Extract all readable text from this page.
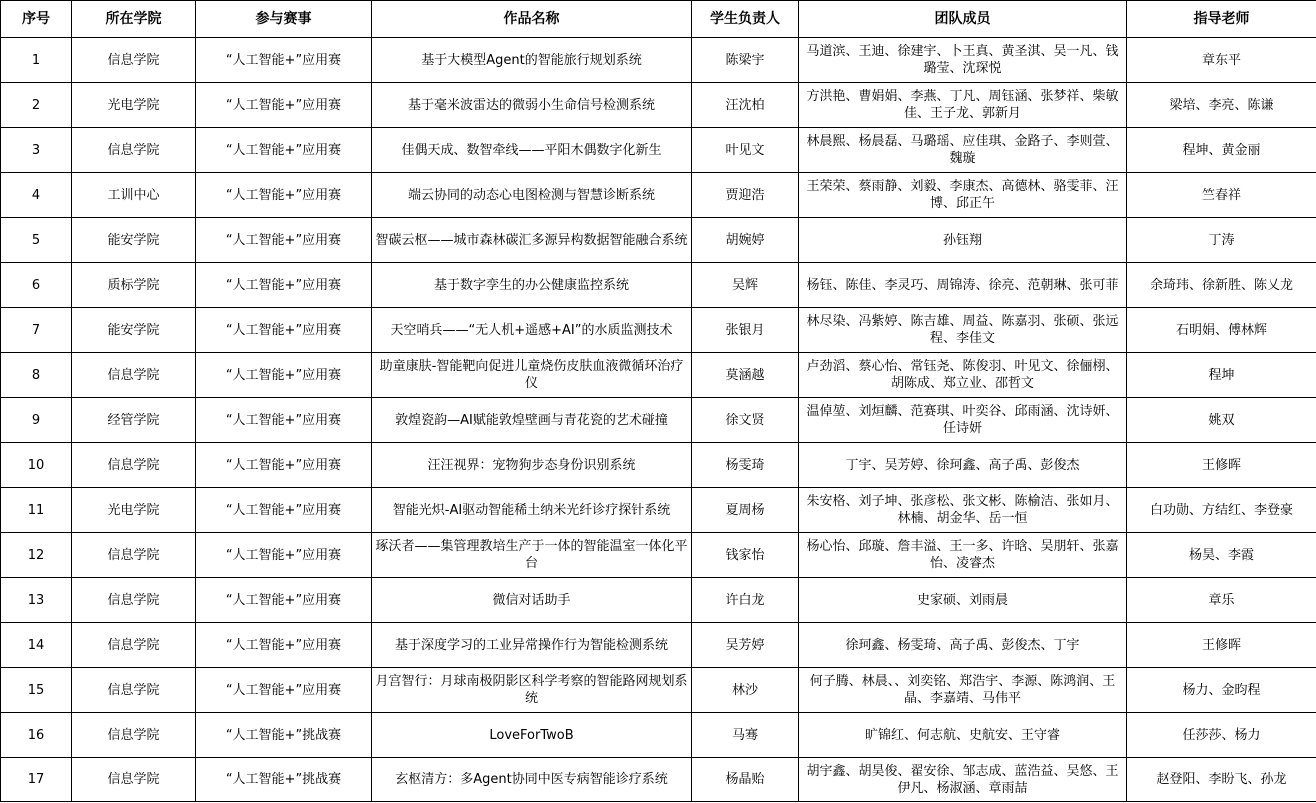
序号	所在学院	参与赛事	作品名称	学生负责人	团队成员	指导老师
1	信息学院	“人工智能+”应用赛	基于大模型Agent的智能旅行规划系统	陈梁宇	马道滨、王迪、徐建宇、卜王真、黄圣淇、吴一凡、钱璐莹、沈琛悦	章东平
2	光电学院	“人工智能+”应用赛	基于毫米波雷达的微弱小生命信号检测系统	汪沈柏	方洪艳、曹娟娟、李燕、丁凡、周钰涵、张梦祥、柴敏佳、王子龙、郭新月	梁培、李亮、陈谦
3	信息学院	“人工智能+”应用赛	佳偶天成、数智牵线——平阳木偶数字化新生	叶见文	林晨熙、杨晨磊、马璐瑶、应佳琪、金路子、李则萱、魏璇	程坤、黄金丽
4	工训中心	“人工智能+”应用赛	端云协同的动态心电图检测与智慧诊断系统	贾迎浩	王荣荣、蔡雨静、刘毅、李康杰、高德林、骆雯菲、汪博、邱正午	竺春祥
5	能安学院	“人工智能+”应用赛	智碳云枢——城市森林碳汇多源异构数据智能融合系统	胡婉婷	孙钰翔	丁涛
6	质标学院	“人工智能+”应用赛	基于数字孪生的办公健康监控系统	吴辉	杨钰、陈佳、李灵巧、周锦涛、徐亮、范朝琳、张可菲	余琦玮、徐新胜、陈乂龙
7	能安学院	“人工智能+”应用赛	天空哨兵——“无人机+遥感+AI”的水质监测技术	张银月	林尽染、冯紫婷、陈吉雄、周益、陈嘉羽、张硕、张远程、李佳文	石明娟、傅林辉
8	信息学院	“人工智能+”应用赛	助童康肤-智能靶向促进儿童烧伤皮肤血液微循环治疗仪	莫涵越	卢劲滔、蔡心怡、常钰尧、陈俊羽、叶见文、徐俪栩、胡陈成、郑立业、邵哲文	程坤
9	经管学院	“人工智能+”应用赛	敦煌瓷韵—AI赋能敦煌壁画与青花瓷的艺术碰撞	徐文贤	温倬堃、刘烜麟、范赛琪、叶奕谷、邱雨涵、沈诗妍、任诗妍	姚双
10	信息学院	“人工智能+”应用赛	汪汪视界：宠物狗步态身份识别系统	杨雯琦	丁宇、吴芳婷、徐珂鑫、高子禹、彭俊杰	王修晖
11	光电学院	“人工智能+”应用赛	智能光炽-AI驱动智能稀土纳米光纤诊疗探针系统	夏周杨	朱安格、刘子坤、张彦松、张文彬、陈榆洁、张如月、林楠、胡金华、岳一恒	白功勋、方结红、李登豪
12	信息学院	“人工智能+”应用赛	琢沃者——集管理教培生产于一体的智能温室一体化平台	钱家怡	杨心怡、邱璇、詹丰溢、王一多、许晗、吴朋轩、张嘉怡、凌睿杰	杨昊、李霞
13	信息学院	“人工智能+”应用赛	微信对话助手	许白龙	史家硕、刘雨晨	章乐
14	信息学院	“人工智能+”应用赛	基于深度学习的工业异常操作行为智能检测系统	吴芳婷	徐珂鑫、杨雯琦、高子禹、彭俊杰、丁宇	王修晖
15	信息学院	“人工智能+”应用赛	月宫智行：月球南极阴影区科学考察的智能路网规划系统	林沙	何子腾、林晨、、刘奕铭、郑浩宇、李源、陈鸿润、王晶、李嘉靖、马伟平	杨力、金昀程
16	信息学院	“人工智能+”挑战赛	LoveForTwoB	马骞	旷锦红、何志航、史航安、王守睿	任莎莎、杨力
17	信息学院	“人工智能+”挑战赛	玄枢清方：多Agent协同中医专病智能诊疗系统	杨晶贻	胡宇鑫、胡昊俊、翟安徐、邹志成、蓝浩益、吴悠、王伊凡、杨淑涵、章雨喆	赵登阳、李盼飞、孙龙
